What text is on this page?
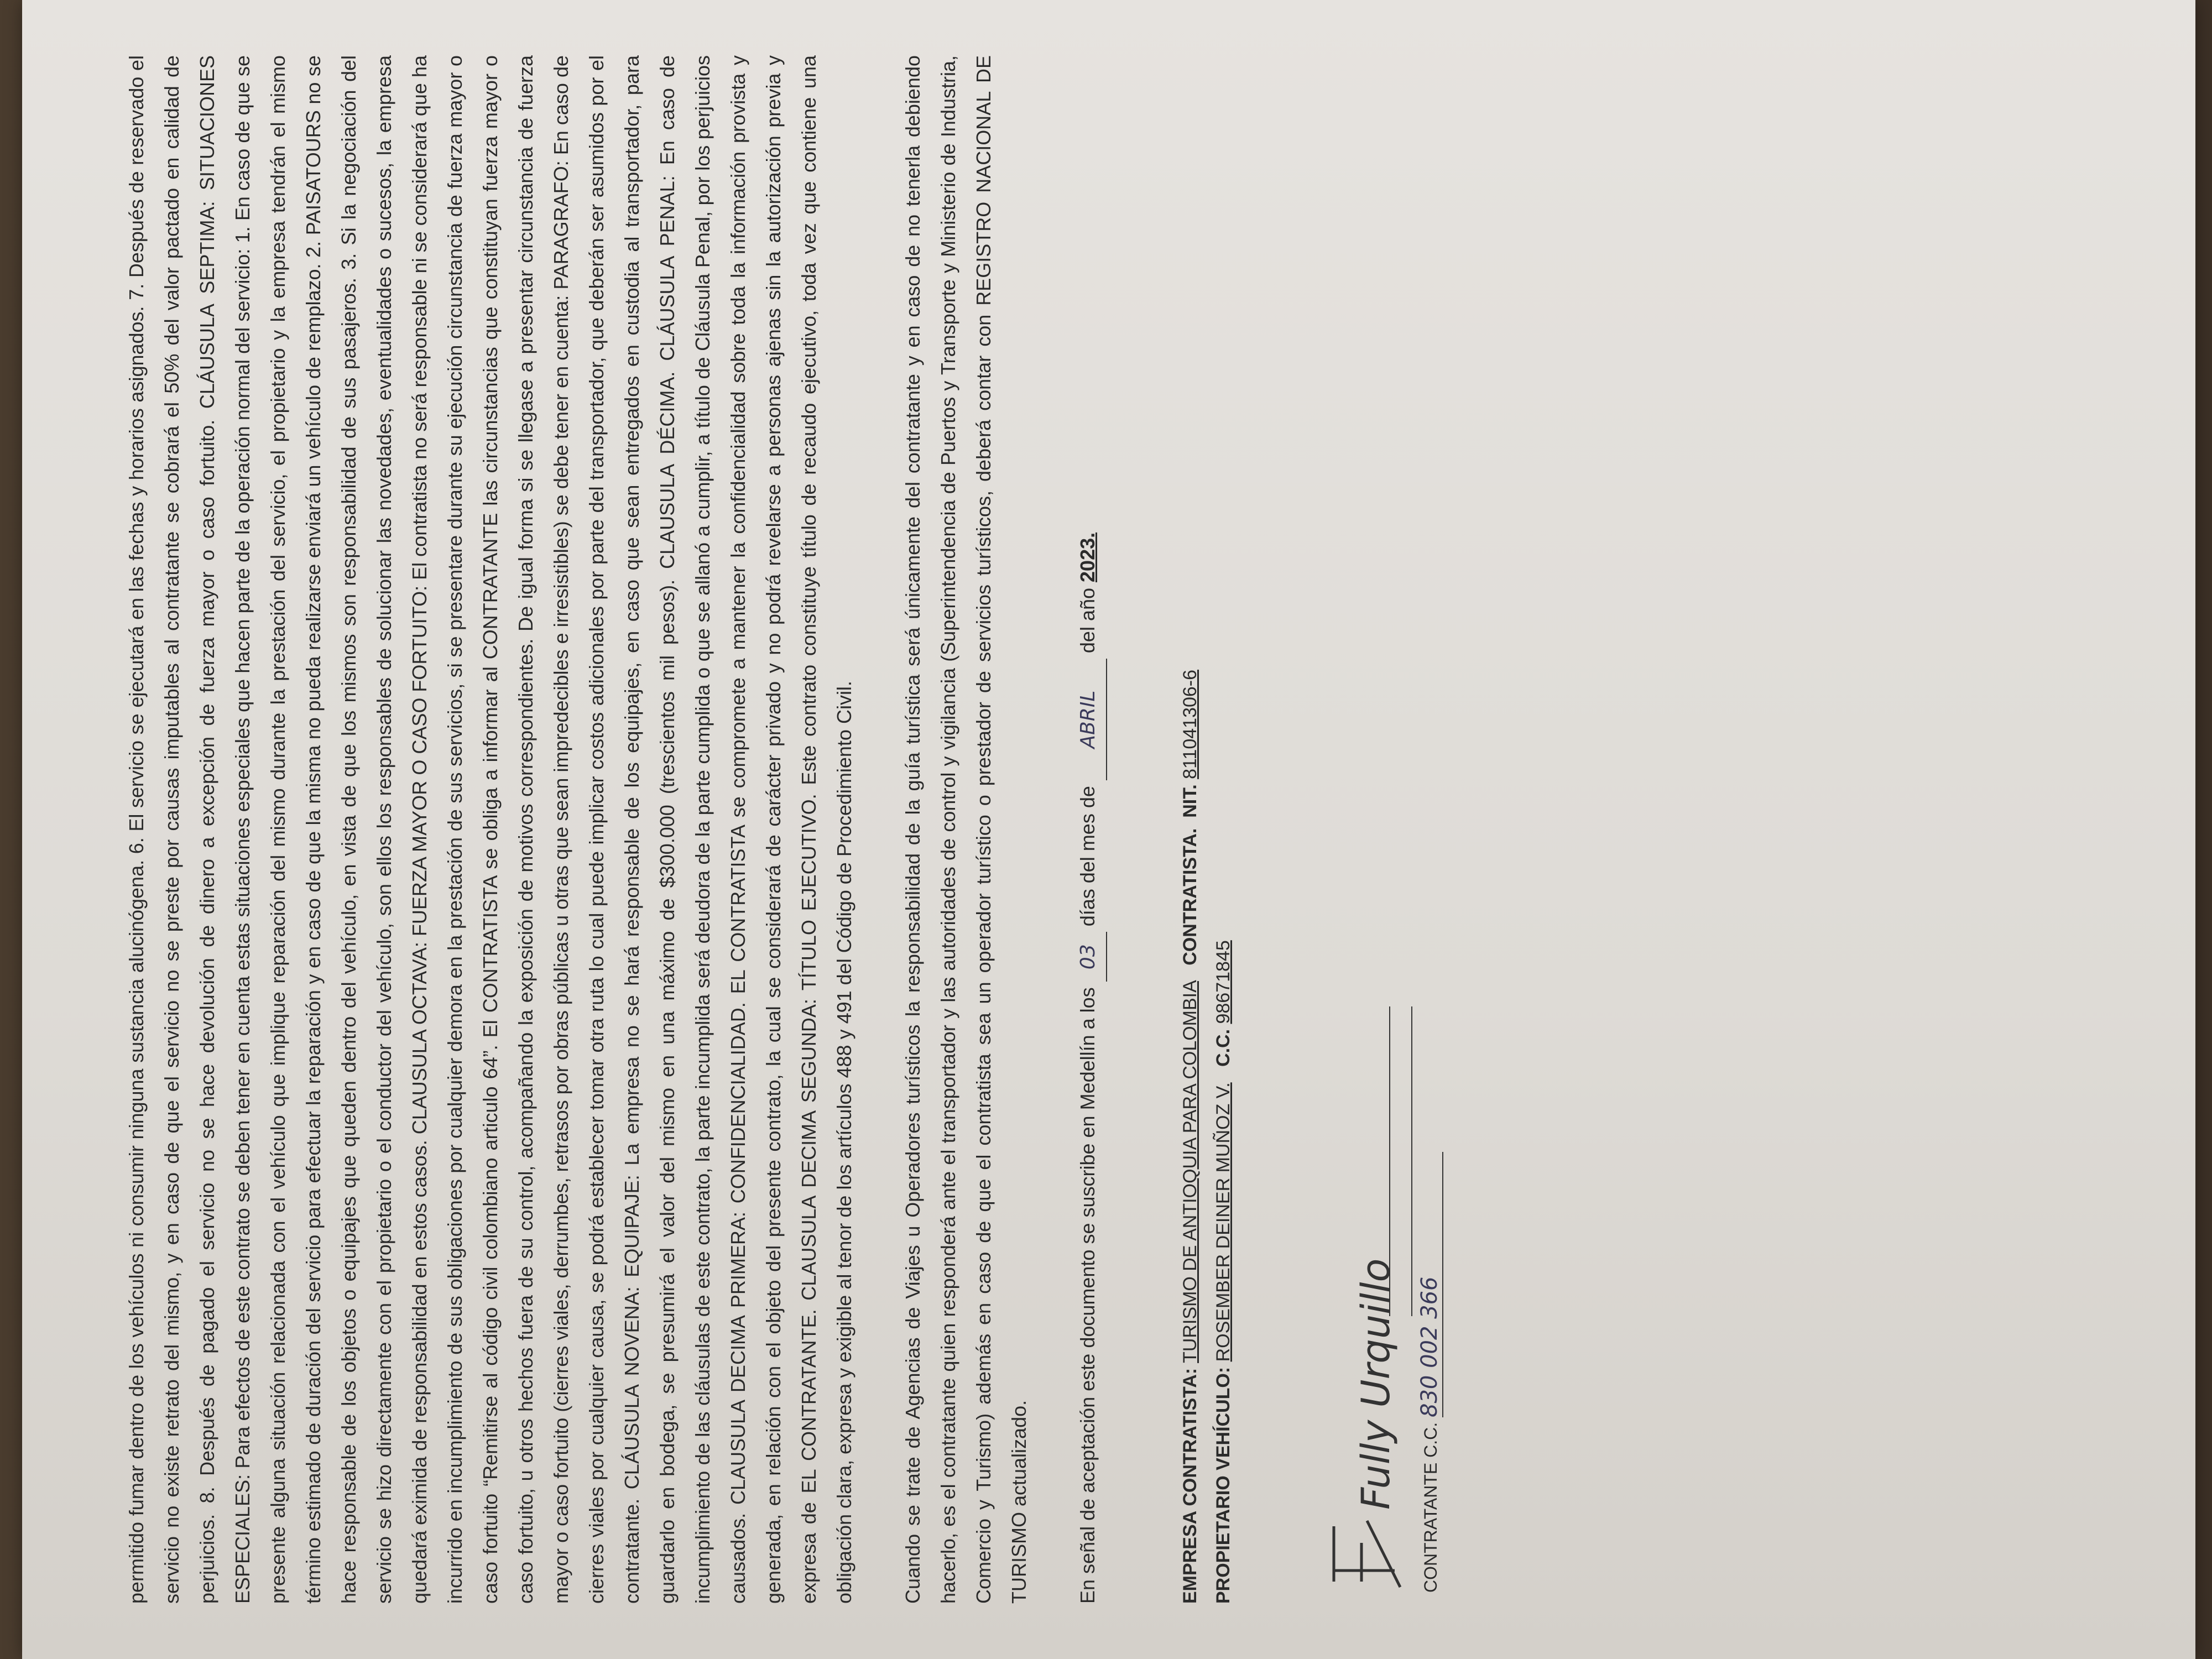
permitido fumar dentro de los vehículos ni consumir ninguna sustancia alucinógena. 6. El servicio se ejecutará en las fechas y horarios asignados. 7. Después de reservado el servicio no existe retrato del mismo, y en caso de que el servicio no se preste por causas imputables al contratante se cobrará el 50% del valor pactado en calidad de perjuicios. 8. Después de pagado el servicio no se hace devolución de dinero a excepción de fuerza mayor o caso fortuito. CLÁUSULA SEPTIMA: SITUACIONES ESPECIALES: Para efectos de este contrato se deben tener en cuenta estas situaciones especiales que hacen parte de la operación normal del servicio: 1. En caso de que se presente alguna situación relacionada con el vehículo que implique reparación del mismo durante la prestación del servicio, el propietario y la empresa tendrán el mismo término estimado de duración del servicio para efectuar la reparación y en caso de que la misma no pueda realizarse enviará un vehículo de remplazo. 2. PAISATOURS no se hace responsable de los objetos o equipajes que queden dentro del vehículo, en vista de que los mismos son responsabilidad de sus pasajeros. 3. Si la negociación del servicio se hizo directamente con el propietario o el conductor del vehículo, son ellos los responsables de solucionar las novedades, eventualidades o sucesos, la empresa quedará eximida de responsabilidad en estos casos. CLAUSULA OCTAVA: FUERZA MAYOR O CASO FORTUITO: El contratista no será responsable ni se considerará que ha incurrido en incumplimiento de sus obligaciones por cualquier demora en la prestación de sus servicios, si se presentare durante su ejecución circunstancia de fuerza mayor o caso fortuito “Remitirse al código civil colombiano articulo 64”. El CONTRATISTA se obliga a informar al CONTRATANTE las circunstancias que constituyan fuerza mayor o caso fortuito, u otros hechos fuera de su control, acompañando la exposición de motivos correspondientes. De igual forma si se llegase a presentar circunstancia de fuerza mayor o caso fortuito (cierres viales, derrumbes, retrasos por obras públicas u otras que sean impredecibles e irresistibles) se debe tener en cuenta: PARAGRAFO: En caso de cierres viales por cualquier causa, se podrá establecer tomar otra ruta lo cual puede implicar costos adicionales por parte del transportador, que deberán ser asumidos por el contratante. CLÁUSULA NOVENA: EQUIPAJE: La empresa no se hará responsable de los equipajes, en caso que sean entregados en custodia al transportador, para guardarlo en bodega, se presumirá el valor del mismo en una máximo de $300.000 (trescientos mil pesos). CLAUSULA DÉCIMA. CLÁUSULA PENAL: En caso de incumplimiento de las cláusulas de este contrato, la parte incumplida será deudora de la parte cumplida o que se allanó a cumplir, a título de Cláusula Penal, por los perjuicios causados. CLAUSULA DECIMA PRIMERA: CONFIDENCIALIDAD. EL CONTRATISTA se compromete a mantener la confidencialidad sobre toda la información provista y generada, en relación con el objeto del presente contrato, la cual se considerará de carácter privado y no podrá revelarse a personas ajenas sin la autorización previa y expresa de EL CONTRATANTE. CLAUSULA DECIMA SEGUNDA: TÍTULO EJECUTIVO. Este contrato constituye título de recaudo ejecutivo, toda vez que contiene una obligación clara, expresa y exigible al tenor de los artículos 488 y 491 del Código de Procedimiento Civil.	Cuando se trate de Agencias de Viajes u Operadores turísticos la responsabilidad de la guía turística será únicamente del contratante y en caso de no tenerla debiendo hacerlo, es el contratante quien responderá ante el transportador y las autoridades de control y vigilancia (Superintendencia de Puertos y Transporte y Ministerio de Industria, Comercio y Turismo) además en caso de que el contratista sea un operador turístico o prestador de servicios turísticos, deberá contar con REGISTRO NACIONAL DE TURISMO actualizado.	En señal de aceptación este documento se suscribe en Medellín a los 03 días del mes de ABRIL del año 2023.
EMPRESA CONTRATISTA: TURISMO DE ANTIOQUIA PARA COLOMBIA   CONTRATISTA.  NIT. 811041306-6
PROPIETARIO VEHÍCULO: ROSEMBER DEINER MUÑOZ V.   C.C. 98671845
Fully Urquillo CONTRATANTE C.C. 830 002 366
